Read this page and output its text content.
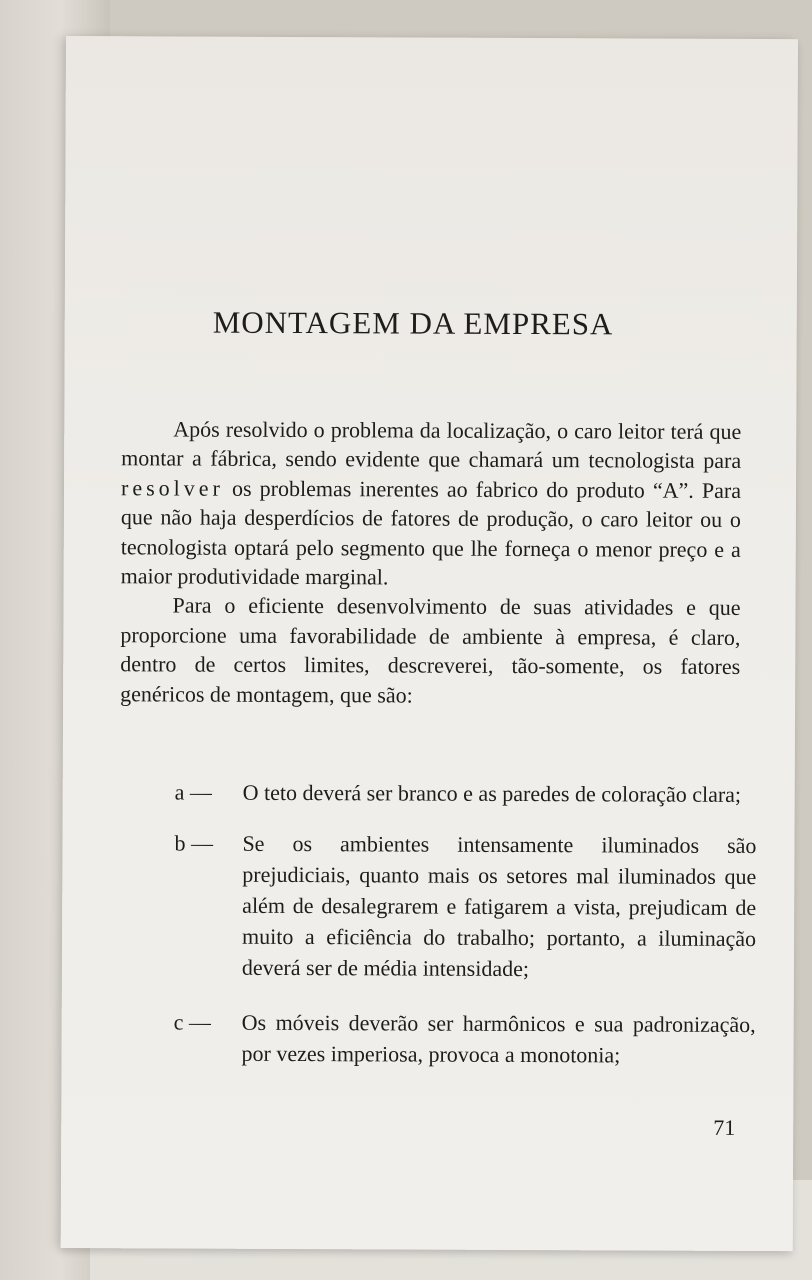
MONTAGEM DA EMPRESA

Após resolvido o problema da localização, o caro leitor terá que montar a fábrica, sendo evidente que chamará um tecnologista para resolver os problemas inerentes ao fabrico do produto “A”. Para que não haja desperdícios de fatores de produção, o caro leitor ou o tecnologista optará pelo segmento que lhe forneça o menor preço e a maior produtividade marginal.

Para o eficiente desenvolvimento de suas atividades e que proporcione uma favorabilidade de ambiente à empresa, é claro, dentro de certos limites, descreverei, tão-somente, os fatores genéricos de montagem, que são:

a —	O teto deverá ser branco e as paredes de coloração clara;
b —	Se os ambientes intensamente iluminados são prejudiciais, quanto mais os setores mal iluminados que além de desalegrarem e fatigarem a vista, prejudicam de muito a eficiência do trabalho; portanto, a iluminação deverá ser de média intensidade;
c —	Os móveis deverão ser harmônicos e sua padronização, por vezes imperiosa, provoca a monotonia;
71
